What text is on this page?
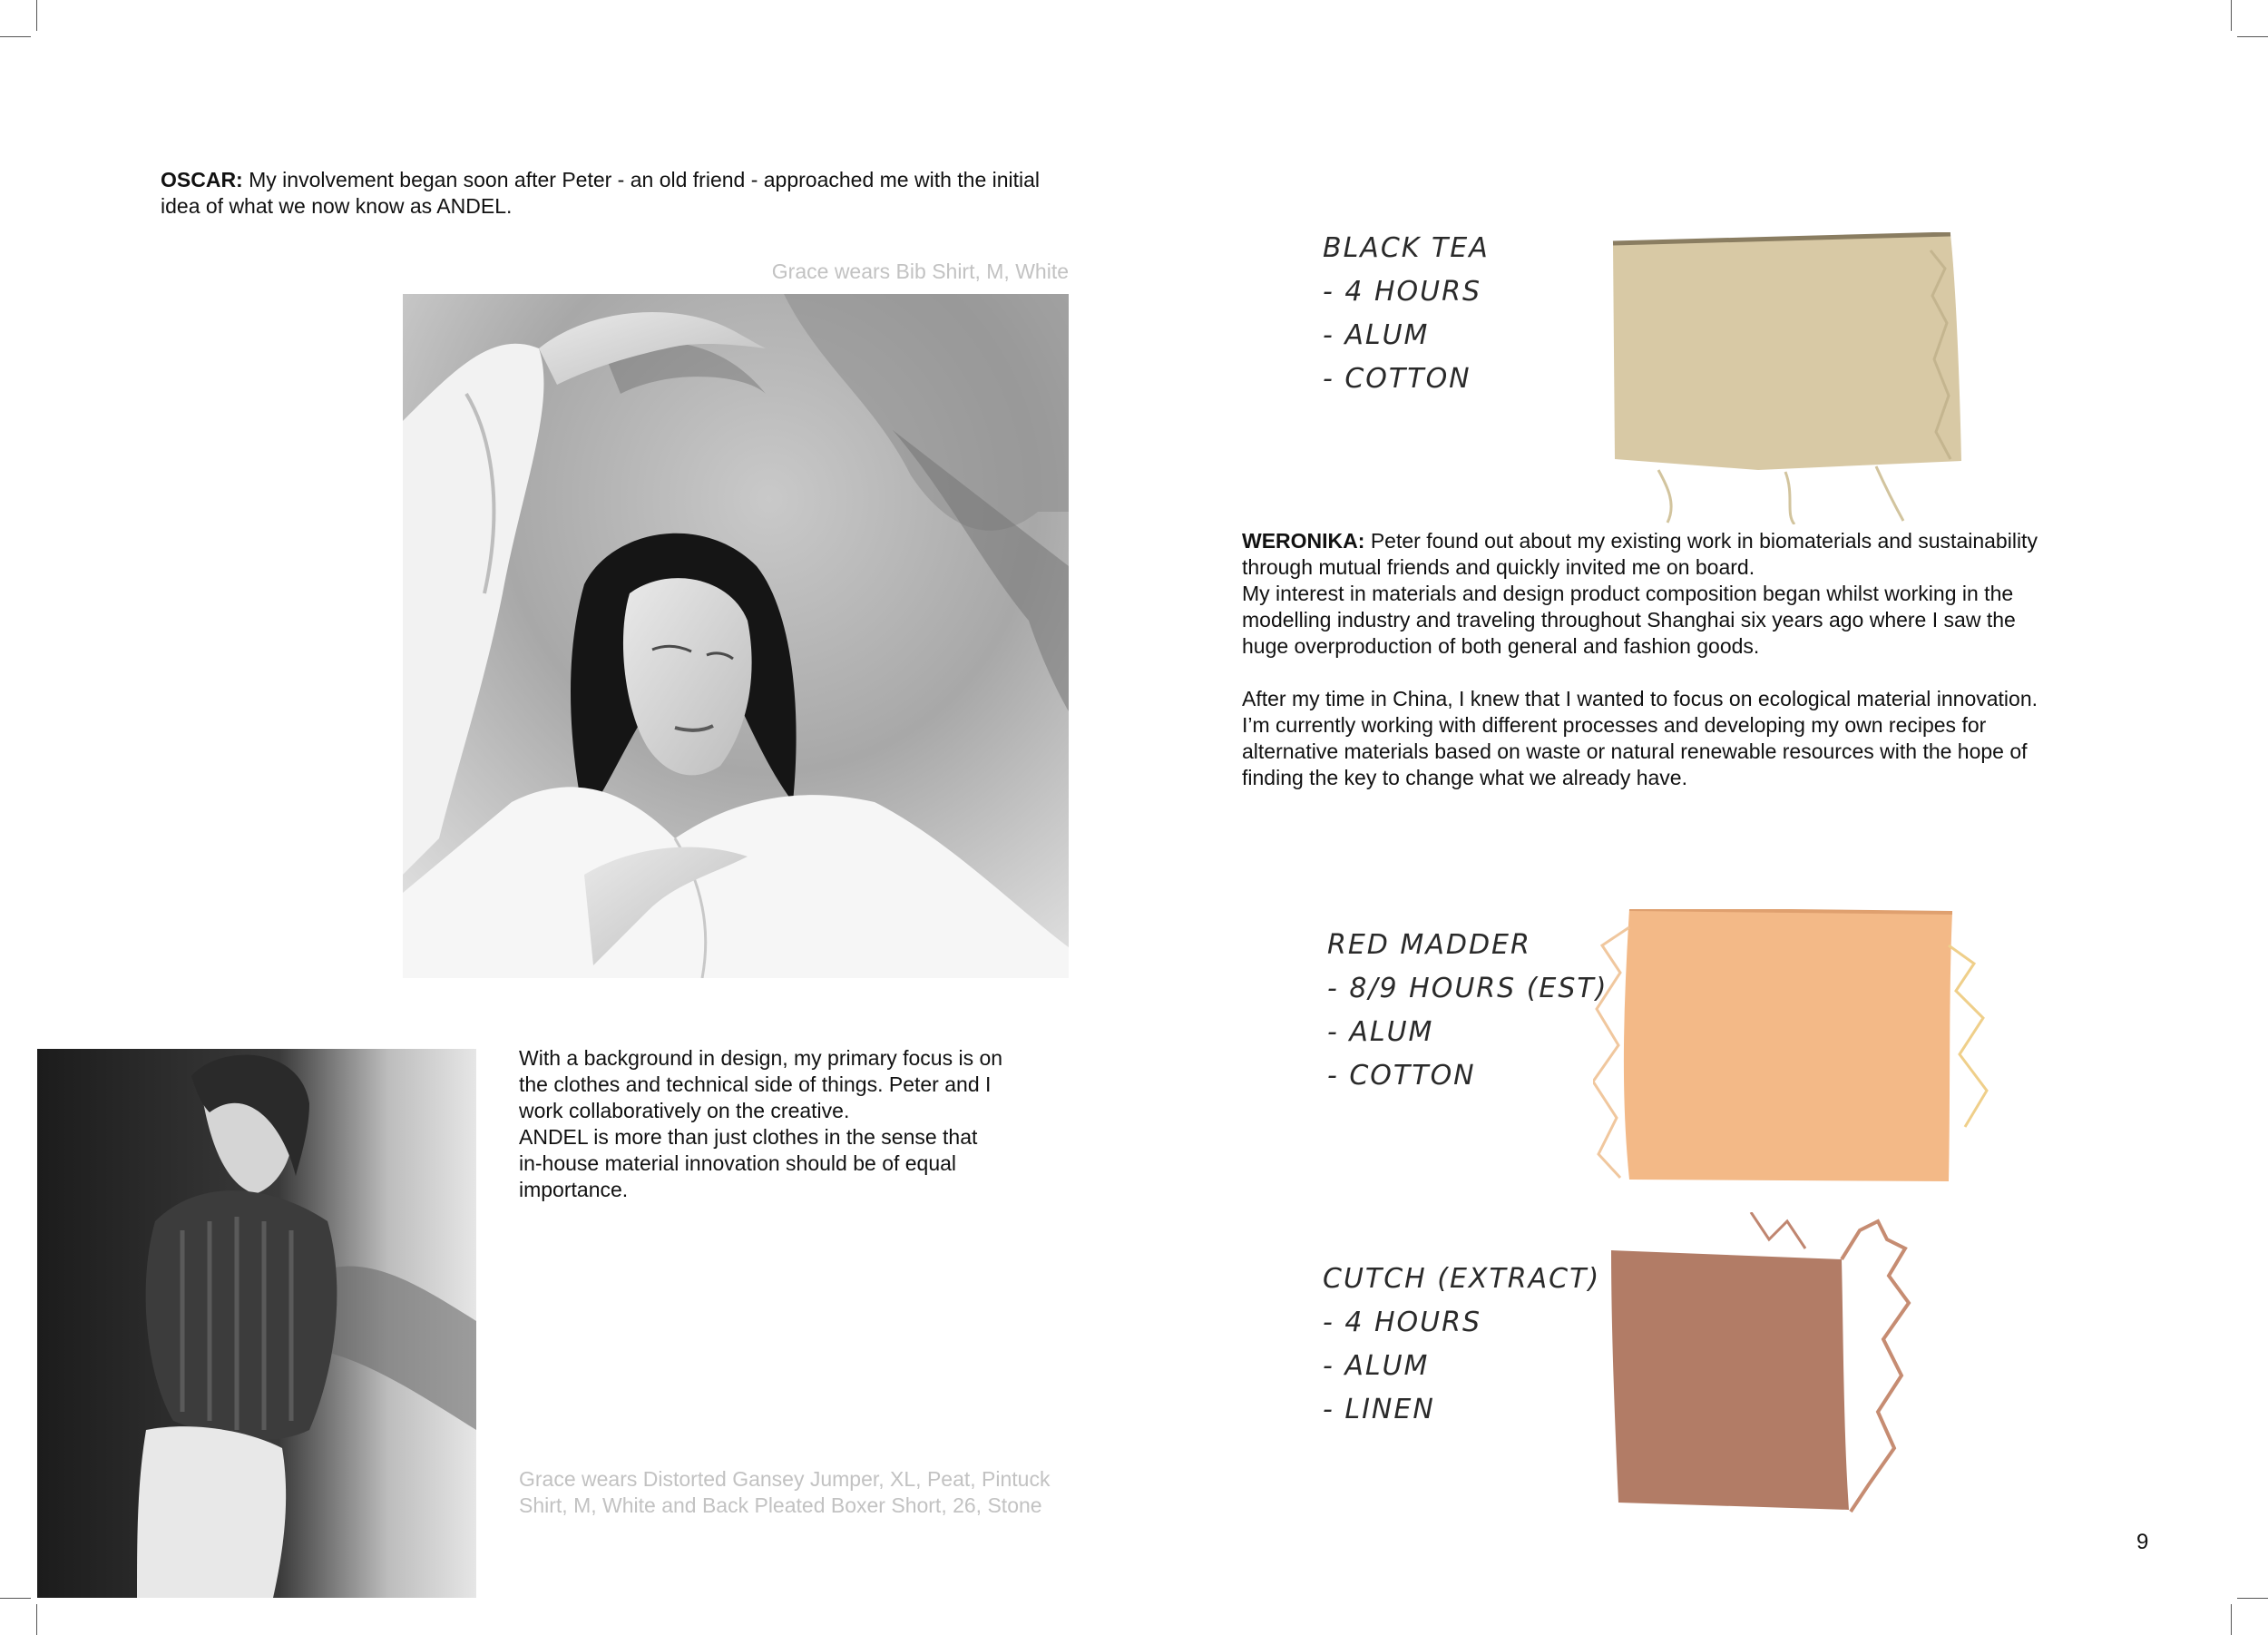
OSCAR: My involvement began soon after Peter - an old friend - approached me with the initial idea of what we now know as ANDEL.
Grace wears Bib Shirt, M, White
With a background in design, my primary focus is on
the clothes and technical side of things. Peter and I
work collaboratively on the creative.
ANDEL is more than just clothes in the sense that
in-house material innovation should be of equal
importance.
Grace wears Distorted Gansey Jumper, XL, Peat, Pintuck
Shirt, M, White and Back Pleated Boxer Short, 26, Stone
BLACK TEA
- 4 HOURS
- ALUM
- COTTON
WERONIKA: Peter found out about my existing work in biomaterials and sustainability
through mutual friends and quickly invited me on board.
My interest in materials and design product composition began whilst working in the
modelling industry and traveling throughout Shanghai six years ago where I saw the
huge overproduction of both general and fashion goods.
After my time in China, I knew that I wanted to focus on ecological material innovation.
I’m currently working with different processes and developing my own recipes for
alternative materials based on waste or natural renewable resources with the hope of
finding the key to change what we already have.
RED MADDER
- 8/9 HOURS (EST)
- ALUM
- COTTON
CUTCH (EXTRACT)
- 4 HOURS
- ALUM
- LINEN
9
